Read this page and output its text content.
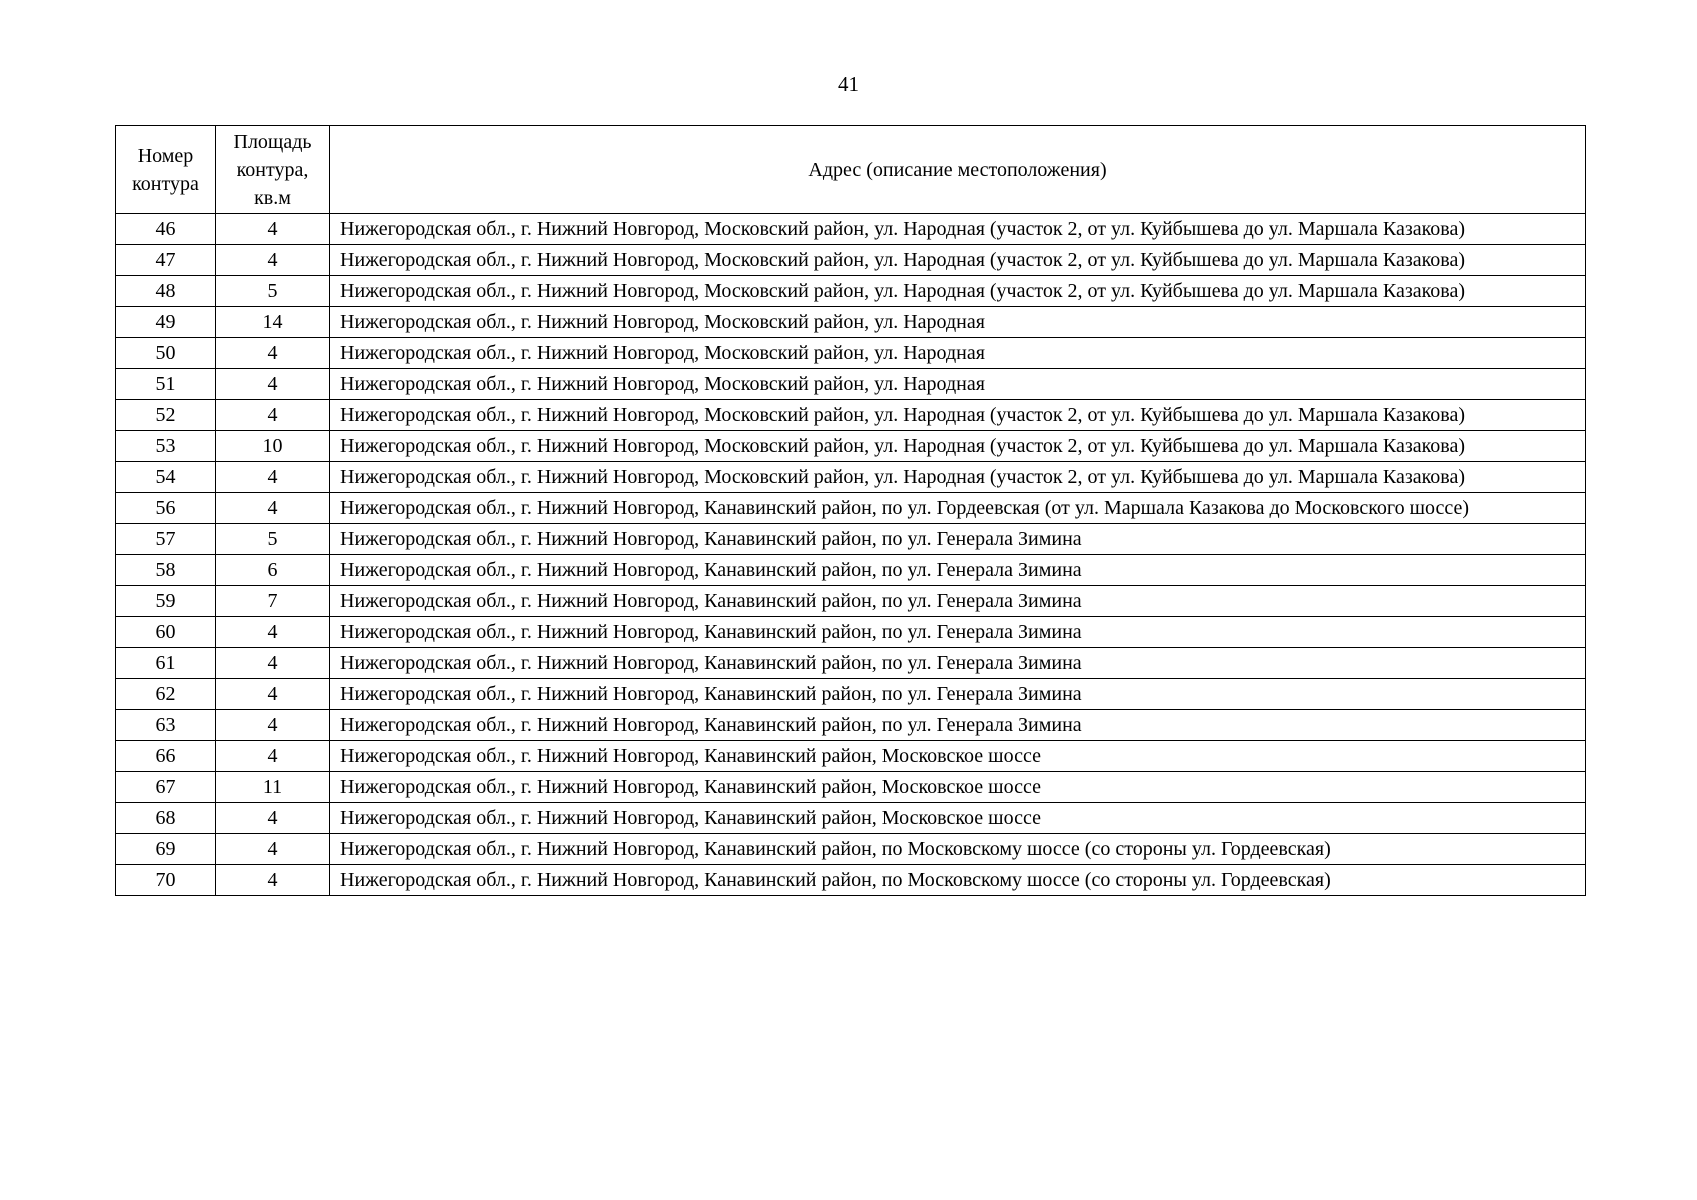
41
Номер контура	Площадь контура, кв.м	Адрес (описание местоположения)
46	4	Нижегородская обл., г. Нижний Новгород, Московский район, ул. Народная (участок 2, от ул. Куйбышева до ул. Маршала Казакова)
47	4	Нижегородская обл., г. Нижний Новгород, Московский район, ул. Народная (участок 2, от ул. Куйбышева до ул. Маршала Казакова)
48	5	Нижегородская обл., г. Нижний Новгород, Московский район, ул. Народная (участок 2, от ул. Куйбышева до ул. Маршала Казакова)
49	14	Нижегородская обл., г. Нижний Новгород, Московский район, ул. Народная
50	4	Нижегородская обл., г. Нижний Новгород, Московский район, ул. Народная
51	4	Нижегородская обл., г. Нижний Новгород, Московский район, ул. Народная
52	4	Нижегородская обл., г. Нижний Новгород, Московский район, ул. Народная (участок 2, от ул. Куйбышева до ул. Маршала Казакова)
53	10	Нижегородская обл., г. Нижний Новгород, Московский район, ул. Народная (участок 2, от ул. Куйбышева до ул. Маршала Казакова)
54	4	Нижегородская обл., г. Нижний Новгород, Московский район, ул. Народная (участок 2, от ул. Куйбышева до ул. Маршала Казакова)
56	4	Нижегородская обл., г. Нижний Новгород, Канавинский район, по ул. Гордеевская (от ул. Маршала Казакова до Московского шоссе)
57	5	Нижегородская обл., г. Нижний Новгород, Канавинский район, по ул. Генерала Зимина
58	6	Нижегородская обл., г. Нижний Новгород, Канавинский район, по ул. Генерала Зимина
59	7	Нижегородская обл., г. Нижний Новгород, Канавинский район, по ул. Генерала Зимина
60	4	Нижегородская обл., г. Нижний Новгород, Канавинский район, по ул. Генерала Зимина
61	4	Нижегородская обл., г. Нижний Новгород, Канавинский район, по ул. Генерала Зимина
62	4	Нижегородская обл., г. Нижний Новгород, Канавинский район, по ул. Генерала Зимина
63	4	Нижегородская обл., г. Нижний Новгород, Канавинский район, по ул. Генерала Зимина
66	4	Нижегородская обл., г. Нижний Новгород, Канавинский район, Московское шоссе
67	11	Нижегородская обл., г. Нижний Новгород, Канавинский район, Московское шоссе
68	4	Нижегородская обл., г. Нижний Новгород, Канавинский район, Московское шоссе
69	4	Нижегородская обл., г. Нижний Новгород, Канавинский район, по Московскому шоссе (со стороны ул. Гордеевская)
70	4	Нижегородская обл., г. Нижний Новгород, Канавинский район, по Московскому шоссе (со стороны ул. Гордеевская)
